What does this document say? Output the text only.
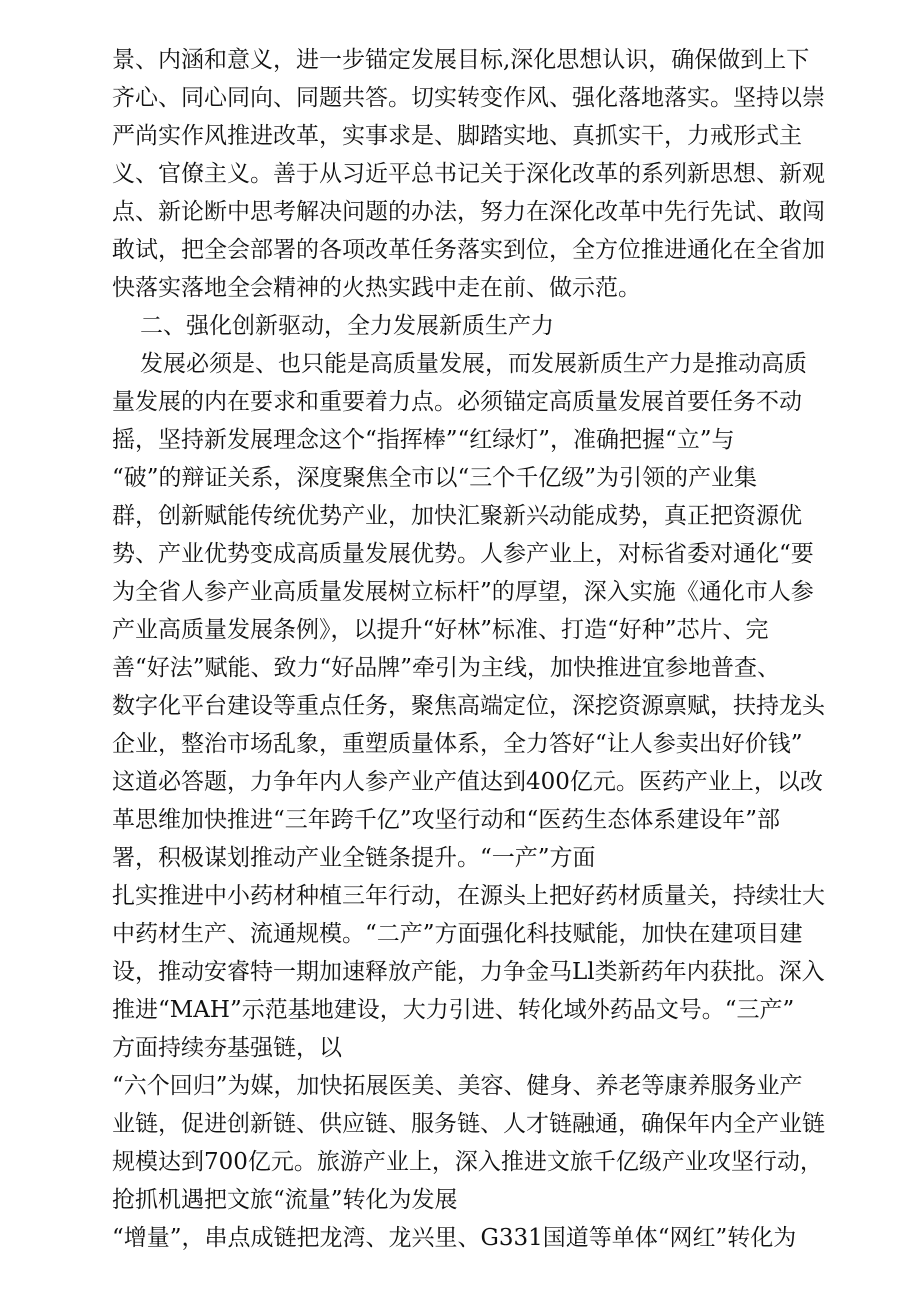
景、内涵和意义，进一步锚定发展目标,深化思想认识，确保做到上下
齐心、同心同向、同题共答。切实转变作风、强化落地落实。坚持以崇
严尚实作风推进改革，实事求是、脚踏实地、真抓实干，力戒形式主
义、官僚主义。善于从习近平总书记关于深化改革的系列新思想、新观
点、新论断中思考解决问题的办法，努力在深化改革中先行先试、敢闯
敢试，把全会部署的各项改革任务落实到位，全方位推进通化在全省加
快落实落地全会精神的火热实践中走在前、做示范。
二、强化创新驱动，全力发展新质生产力
发展必须是、也只能是高质量发展，而发展新质生产力是推动高质
量发展的内在要求和重要着力点。必须锚定高质量发展首要任务不动
摇，坚持新发展理念这个“指挥棒”“红绿灯”，准确把握“立”与
“破”的辩证关系，深度聚焦全市以“三个千亿级”为引领的产业集
群，创新赋能传统优势产业，加快汇聚新兴动能成势，真正把资源优
势、产业优势变成高质量发展优势。人参产业上，对标省委对通化“要
为全省人参产业高质量发展树立标杆”的厚望，深入实施《通化市人参
产业高质量发展条例》，以提升“好林”标准、打造“好种”芯片、完
善“好法”赋能、致力“好品牌”牵引为主线，加快推进宜参地普查、
数字化平台建设等重点任务，聚焦高端定位，深挖资源禀赋，扶持龙头
企业，整治市场乱象，重塑质量体系，全力答好“让人参卖出好价钱”
这道必答题，力争年内人参产业产值达到400亿元。医药产业上，以改
革思维加快推进“三年跨千亿”攻坚行动和“医药生态体系建设年”部
署，积极谋划推动产业全链条提升。“一产”方面
扎实推进中小药材种植三年行动，在源头上把好药材质量关，持续壮大
中药材生产、流通规模。“二产”方面强化科技赋能，加快在建项目建
设，推动安睿特一期加速释放产能，力争金马Ll类新药年内获批。深入
推进“MAH”示范基地建设，大力引进、转化域外药品文号。“三产”
方面持续夯基强链，以
“六个回归”为媒，加快拓展医美、美容、健身、养老等康养服务业产
业链，促进创新链、供应链、服务链、人才链融通，确保年内全产业链
规模达到700亿元。旅游产业上，深入推进文旅千亿级产业攻坚行动，
抢抓机遇把文旅“流量”转化为发展
“增量”，串点成链把龙湾、龙兴里、G331国道等单体“网红”转化为
